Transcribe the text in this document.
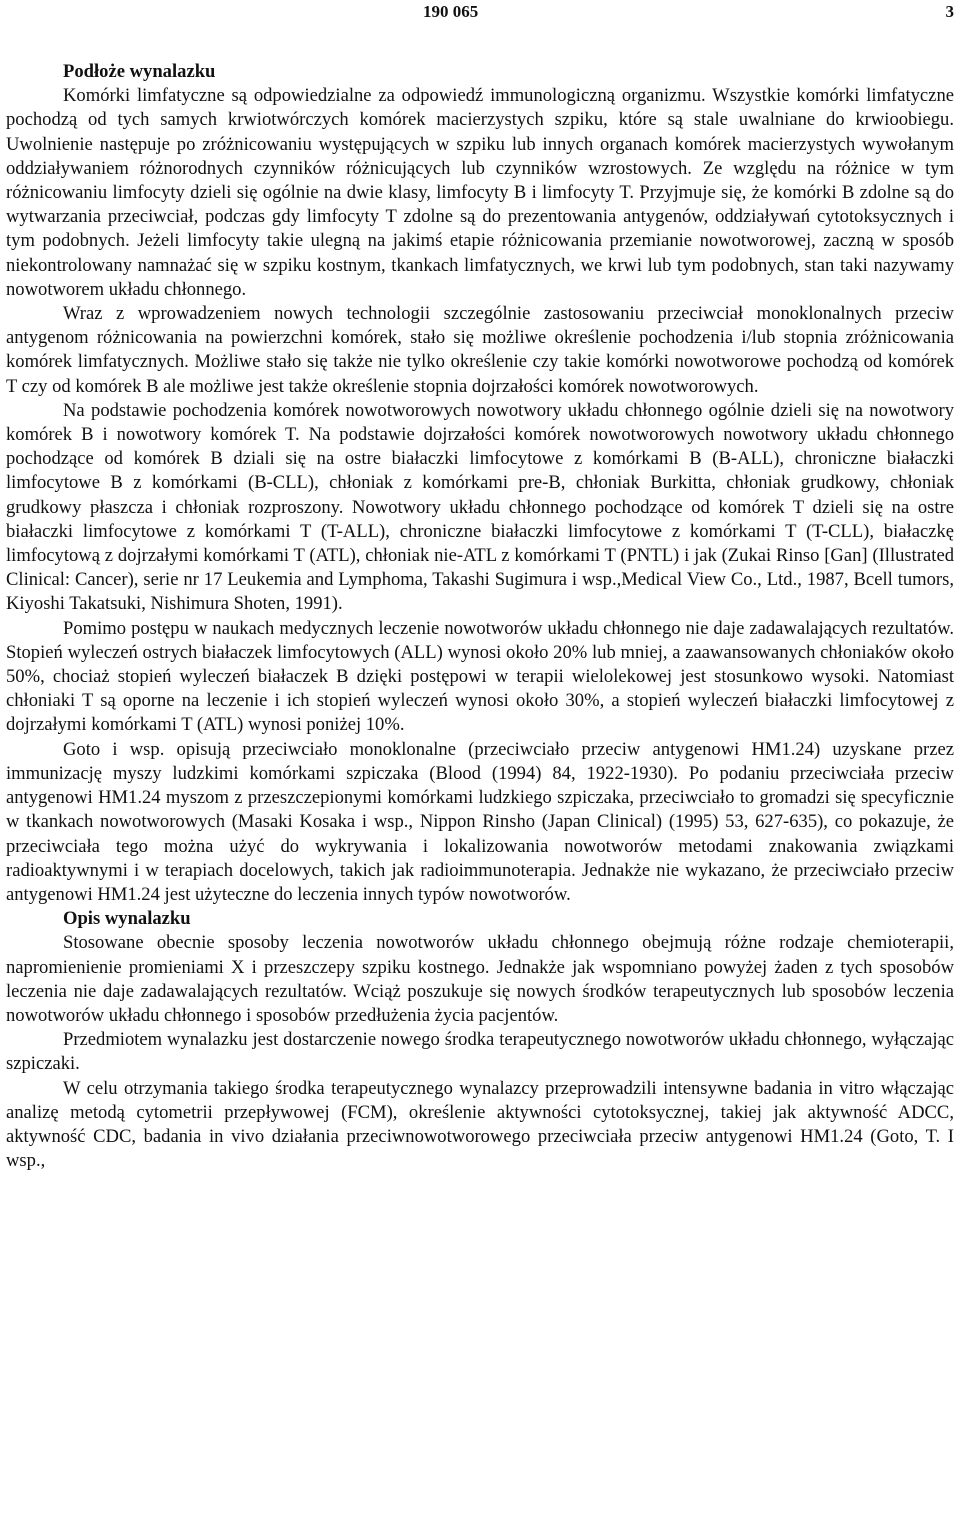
190 065	3
Podłoże wynalazku

Komórki limfatyczne są odpowiedzialne za odpowiedź immunologiczną organizmu. Wszystkie komórki limfatyczne pochodzą od tych samych krwiotwórczych komórek macierzystych szpiku, które są stale uwalniane do krwioobiegu. Uwolnienie następuje po zróżnicowaniu występujących w szpiku lub innych organach komórek macierzystych wywołanym oddziaływaniem różnorodnych czynników różnicujących lub czynników wzrostowych. Ze względu na różnice w tym różnicowaniu limfocyty dzieli się ogólnie na dwie klasy, limfocyty B i limfocyty T. Przyjmuje się, że komórki B zdolne są do wytwarzania przeciwciał, podczas gdy limfocyty T zdolne są do prezentowania antygenów, oddziaływań cytotoksycznych i tym podobnych. Jeżeli limfocyty takie ulegną na jakimś etapie różnicowania przemianie nowotworowej, zaczną w sposób niekontrolowany namnażać się w szpiku kostnym, tkankach limfatycznych, we krwi lub tym podobnych, stan taki nazywamy nowotworem układu chłonnego.

Wraz z wprowadzeniem nowych technologii szczególnie zastosowaniu przeciwciał monoklonalnych przeciw antygenom różnicowania na powierzchni komórek, stało się możliwe określenie pochodzenia i/lub stopnia zróżnicowania komórek limfatycznych. Możliwe stało się także nie tylko określenie czy takie komórki nowotworowe pochodzą od komórek T czy od komórek B ale możliwe jest także określenie stopnia dojrzałości komórek nowotworowych.

Na podstawie pochodzenia komórek nowotworowych nowotwory układu chłonnego ogólnie dzieli się na nowotwory komórek B i nowotwory komórek T. Na podstawie dojrzałości komórek nowotworowych nowotwory układu chłonnego pochodzące od komórek B dziali się na ostre białaczki limfocytowe z komórkami B (B-ALL), chroniczne białaczki limfocytowe B z komórkami (B-CLL), chłoniak z komórkami pre-B, chłoniak Burkitta, chłoniak grudkowy, chłoniak grudkowy płaszcza i chłoniak rozproszony. Nowotwory układu chłonnego pochodzące od komórek T dzieli się na ostre białaczki limfocytowe z komórkami T (T-ALL), chroniczne białaczki limfocytowe z komórkami T (T-CLL), białaczkę limfocytową z dojrzałymi komórkami T (ATL), chłoniak nie-ATL z komórkami T (PNTL) i jak (Zukai Rinso [Gan] (Illustrated Clinical: Cancer), serie nr 17 Leukemia and Lymphoma, Takashi Sugimura i wsp.,Medical View Co., Ltd., 1987, Bcell tumors, Kiyoshi Takatsuki, Nishimura Shoten, 1991).

Pomimo postępu w naukach medycznych leczenie nowotworów układu chłonnego nie daje zadawalających rezultatów. Stopień wyleczeń ostrych białaczek limfocytowych (ALL) wynosi około 20% lub mniej, a zaawansowanych chłoniaków około 50%, chociaż stopień wyleczeń białaczek B dzięki postępowi w terapii wielolekowej jest stosunkowo wysoki. Natomiast chłoniaki T są oporne na leczenie i ich stopień wyleczeń wynosi około 30%, a stopień wyleczeń białaczki limfocytowej z dojrzałymi komórkami T (ATL) wynosi poniżej 10%.

Goto i wsp. opisują przeciwciało monoklonalne (przeciwciało przeciw antygenowi HM1.24) uzyskane przez immunizację myszy ludzkimi komórkami szpiczaka (Blood (1994) 84, 1922-1930). Po podaniu przeciwciała przeciw antygenowi HM1.24 myszom z przeszczepionymi komórkami ludzkiego szpiczaka, przeciwciało to gromadzi się specyficznie w tkankach nowotworowych (Masaki Kosaka i wsp., Nippon Rinsho (Japan Clinical) (1995) 53, 627-635), co pokazuje, że przeciwciała tego można użyć do wykrywania i lokalizowania nowotworów metodami znakowania związkami radioaktywnymi i w terapiach docelowych, takich jak radioimmunoterapia. Jednakże nie wykazano, że przeciwciało przeciw antygenowi HM1.24 jest użyteczne do leczenia innych typów nowotworów.

Opis wynalazku

Stosowane obecnie sposoby leczenia nowotworów układu chłonnego obejmują różne rodzaje chemioterapii, napromienienie promieniami X i przeszczepy szpiku kostnego. Jednakże jak wspomniano powyżej żaden z tych sposobów leczenia nie daje zadawalających rezultatów. Wciąż poszukuje się nowych środków terapeutycznych lub sposobów leczenia nowotworów układu chłonnego i sposobów przedłużenia życia pacjentów.

Przedmiotem wynalazku jest dostarczenie nowego środka terapeutycznego nowotworów układu chłonnego, wyłączając szpiczaki.

W celu otrzymania takiego środka terapeutycznego wynalazcy przeprowadzili intensywne badania in vitro włączając analizę metodą cytometrii przepływowej (FCM), określenie aktywności cytotoksycznej, takiej jak aktywność ADCC, aktywność CDC, badania in vivo działania przeciwnowotworowego przeciwciała przeciw antygenowi HM1.24 (Goto, T. I wsp.,
